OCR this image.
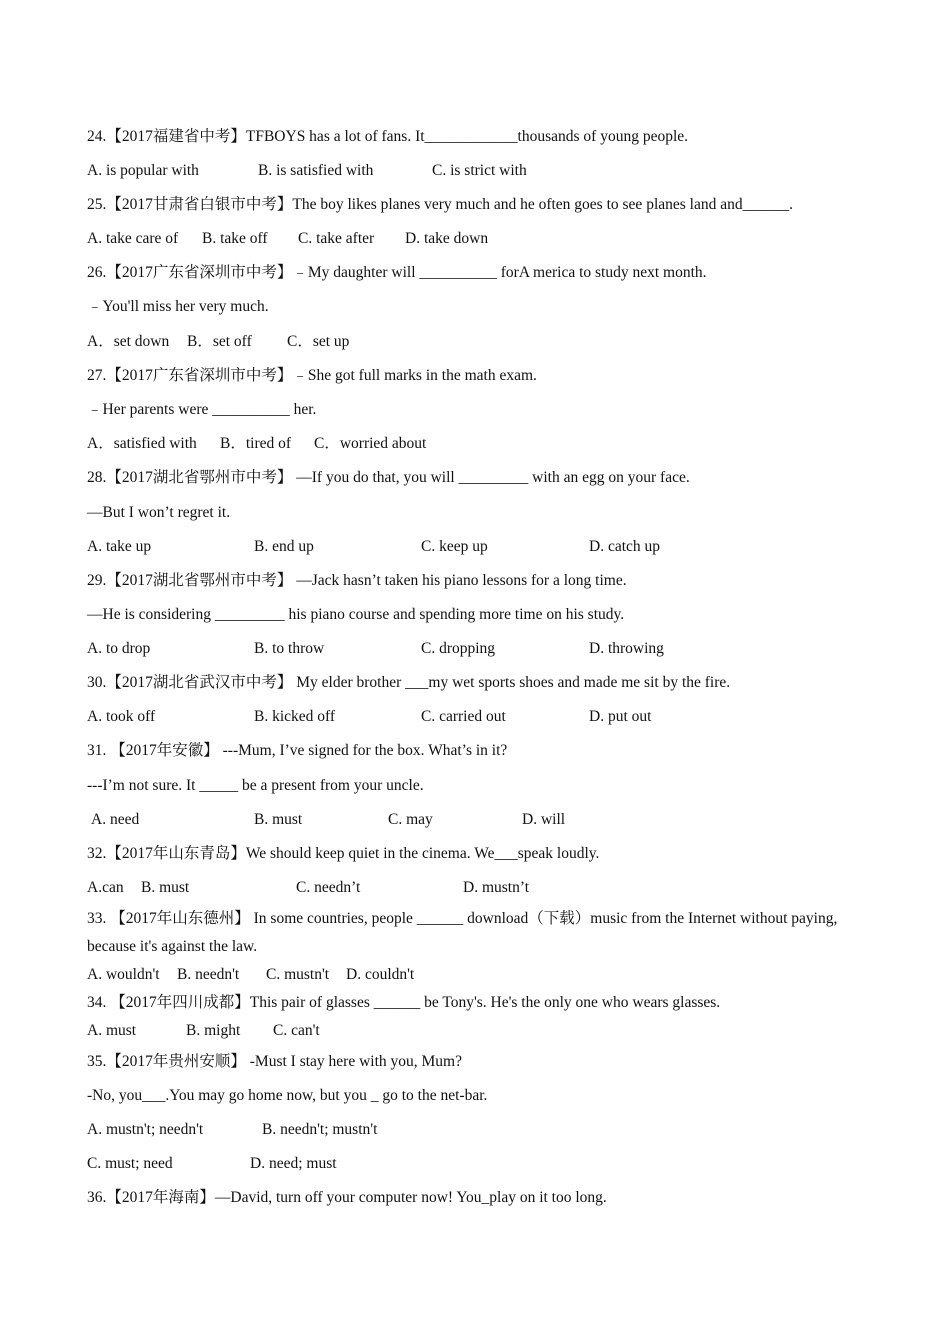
24.【2017福建省中考】TFBOYS has a lot of fans. It____________thousands of young people.
A. is popular with	B. is satisfied with	C. is strict with
25.【2017甘肃省白银市中考】The boy likes planes very much and he often goes to see planes land and______.
A. take care of B. take off C. take after D. take down
26.【2017广东省深圳市中考】﹣My daughter will __________ forA merica to study next month.
﹣You'll miss her very much.
A．set down B．set off C．set up
27.【2017广东省深圳市中考】﹣She got full marks in the math exam.
﹣Her parents were __________ her.
A．satisfied with B．tired of C．worried about
28.【2017湖北省鄂州市中考】 —If you do that, you will _________ with an egg on your face.
—But I won’t regret it.
A. take up	B. end up	C. keep up	D. catch up
29.【2017湖北省鄂州市中考】 —Jack hasn’t taken his piano lessons for a long time.
—He is considering _________ his piano course and spending more time on his study.
A. to drop	B. to throw	C. dropping	D. throwing
30.【2017湖北省武汉市中考】 My elder brother ___my wet sports shoes and made me sit by the fire.
A. took off	B. kicked off	C. carried out	D. put out
31. 【2017年安徽】 ---Mum, I’ve signed for the box. What’s in it?
---I’m not sure. It _____ be a present from your uncle.
A. need	B. must	C. may	D. will
32.【2017年山东青岛】We should keep quiet in the cinema. We___speak loudly.
A.can B. must	C. needn’t	D. mustn’t
33. 【2017年山东德州】 In some countries, people ______ download（下载）music from the Internet without paying, because it's against the law.
A. wouldn't B. needn't C. mustn't D. couldn't
34. 【2017年四川成都】This pair of glasses ______ be Tony's. He's the only one who wears glasses.
A. must	B. might C. can't
35.【2017年贵州安顺】 -Must I stay here with you, Mum?
-No, you___.You may go home now, but you _ go to the net-bar.
A. mustn't; needn't	B. needn't; mustn't
C. must; need	D. need; must
36.【2017年海南】—David, turn off your computer now! You_play on it too long.
